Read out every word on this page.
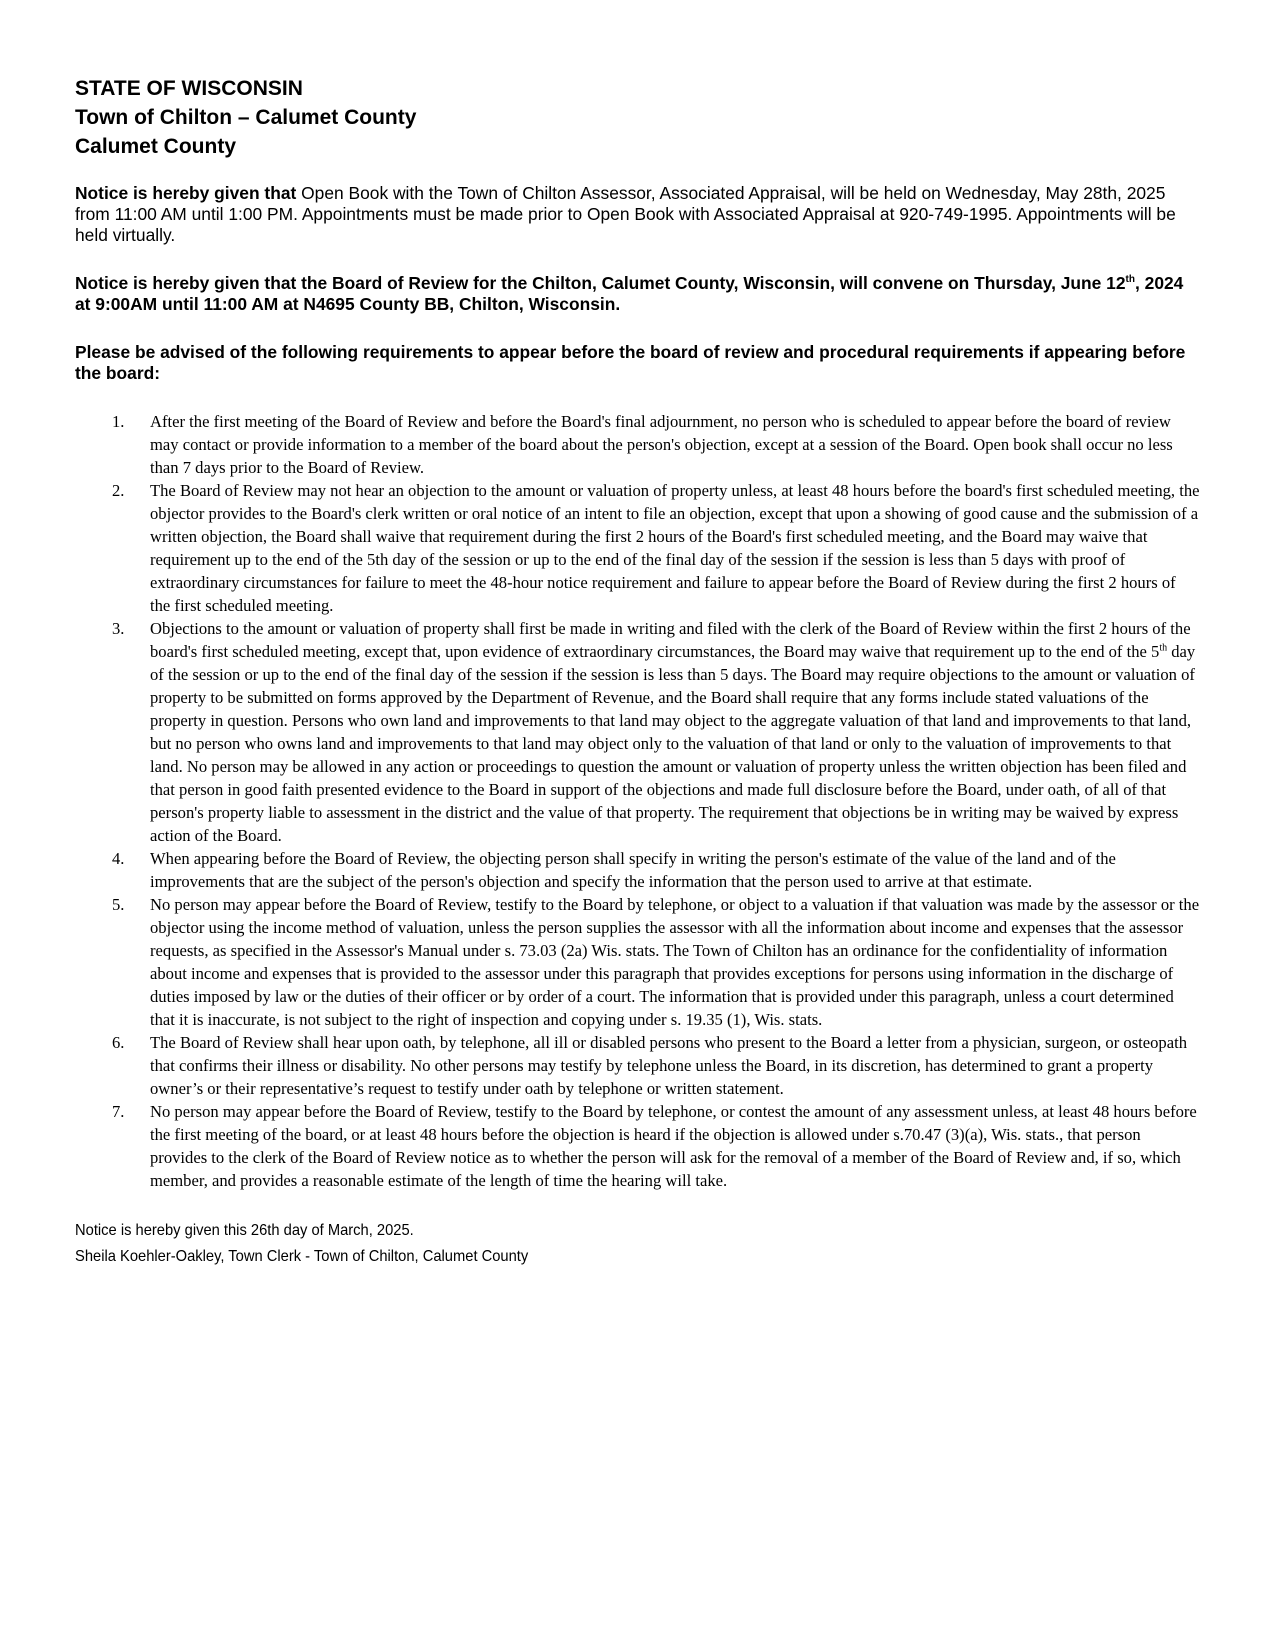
STATE OF WISCONSIN

Town of Chilton – Calumet County

Calumet County

Notice is hereby given that Open Book with the Town of Chilton Assessor, Associated Appraisal, will be held on Wednesday, May 28th, 2025 from 11:00 AM until 1:00 PM. Appointments must be made prior to Open Book with Associated Appraisal at 920-749-1995. Appointments will be held virtually.

Notice is hereby given that the Board of Review for the Chilton, Calumet County, Wisconsin, will convene on Thursday, June 12th, 2024 at 9:00AM until 11:00 AM at N4695 County BB, Chilton, Wisconsin.

Please be advised of the following requirements to appear before the board of review and procedural requirements if appearing before the board:

1. After the first meeting of the Board of Review and before the Board's final adjournment, no person who is scheduled to appear before the board of review may contact or provide information to a member of the board about the person's objection, except at a session of the Board. Open book shall occur no less than 7 days prior to the Board of Review.
2. The Board of Review may not hear an objection to the amount or valuation of property unless, at least 48 hours before the board's first scheduled meeting, the objector provides to the Board's clerk written or oral notice of an intent to file an objection, except that upon a showing of good cause and the submission of a written objection, the Board shall waive that requirement during the first 2 hours of the Board's first scheduled meeting, and the Board may waive that requirement up to the end of the 5th day of the session or up to the end of the final day of the session if the session is less than 5 days with proof of extraordinary circumstances for failure to meet the 48-hour notice requirement and failure to appear before the Board of Review during the first 2 hours of the first scheduled meeting.
3. Objections to the amount or valuation of property shall first be made in writing and filed with the clerk of the Board of Review within the first 2 hours of the board's first scheduled meeting, except that, upon evidence of extraordinary circumstances, the Board may waive that requirement up to the end of the 5th day of the session or up to the end of the final day of the session if the session is less than 5 days. The Board may require objections to the amount or valuation of property to be submitted on forms approved by the Department of Revenue, and the Board shall require that any forms include stated valuations of the property in question. Persons who own land and improvements to that land may object to the aggregate valuation of that land and improvements to that land, but no person who owns land and improvements to that land may object only to the valuation of that land or only to the valuation of improvements to that land. No person may be allowed in any action or proceedings to question the amount or valuation of property unless the written objection has been filed and that person in good faith presented evidence to the Board in support of the objections and made full disclosure before the Board, under oath, of all of that person's property liable to assessment in the district and the value of that property. The requirement that objections be in writing may be waived by express action of the Board.
4. When appearing before the Board of Review, the objecting person shall specify in writing the person's estimate of the value of the land and of the improvements that are the subject of the person's objection and specify the information that the person used to arrive at that estimate.
5. No person may appear before the Board of Review, testify to the Board by telephone, or object to a valuation if that valuation was made by the assessor or the objector using the income method of valuation, unless the person supplies the assessor with all the information about income and expenses that the assessor requests, as specified in the Assessor's Manual under s. 73.03 (2a) Wis. stats. The Town of Chilton has an ordinance for the confidentiality of information about income and expenses that is provided to the assessor under this paragraph that provides exceptions for persons using information in the discharge of duties imposed by law or the duties of their officer or by order of a court. The information that is provided under this paragraph, unless a court determined that it is inaccurate, is not subject to the right of inspection and copying under s. 19.35 (1), Wis. stats.
6. The Board of Review shall hear upon oath, by telephone, all ill or disabled persons who present to the Board a letter from a physician, surgeon, or osteopath that confirms their illness or disability. No other persons may testify by telephone unless the Board, in its discretion, has determined to grant a property owner’s or their representative’s request to testify under oath by telephone or written statement.
7. No person may appear before the Board of Review, testify to the Board by telephone, or contest the amount of any assessment unless, at least 48 hours before the first meeting of the board, or at least 48 hours before the objection is heard if the objection is allowed under s.70.47 (3)(a), Wis. stats., that person provides to the clerk of the Board of Review notice as to whether the person will ask for the removal of a member of the Board of Review and, if so, which member, and provides a reasonable estimate of the length of time the hearing will take.
Notice is hereby given this 26th day of March, 2025.
Sheila Koehler-Oakley, Town Clerk - Town of Chilton, Calumet County
